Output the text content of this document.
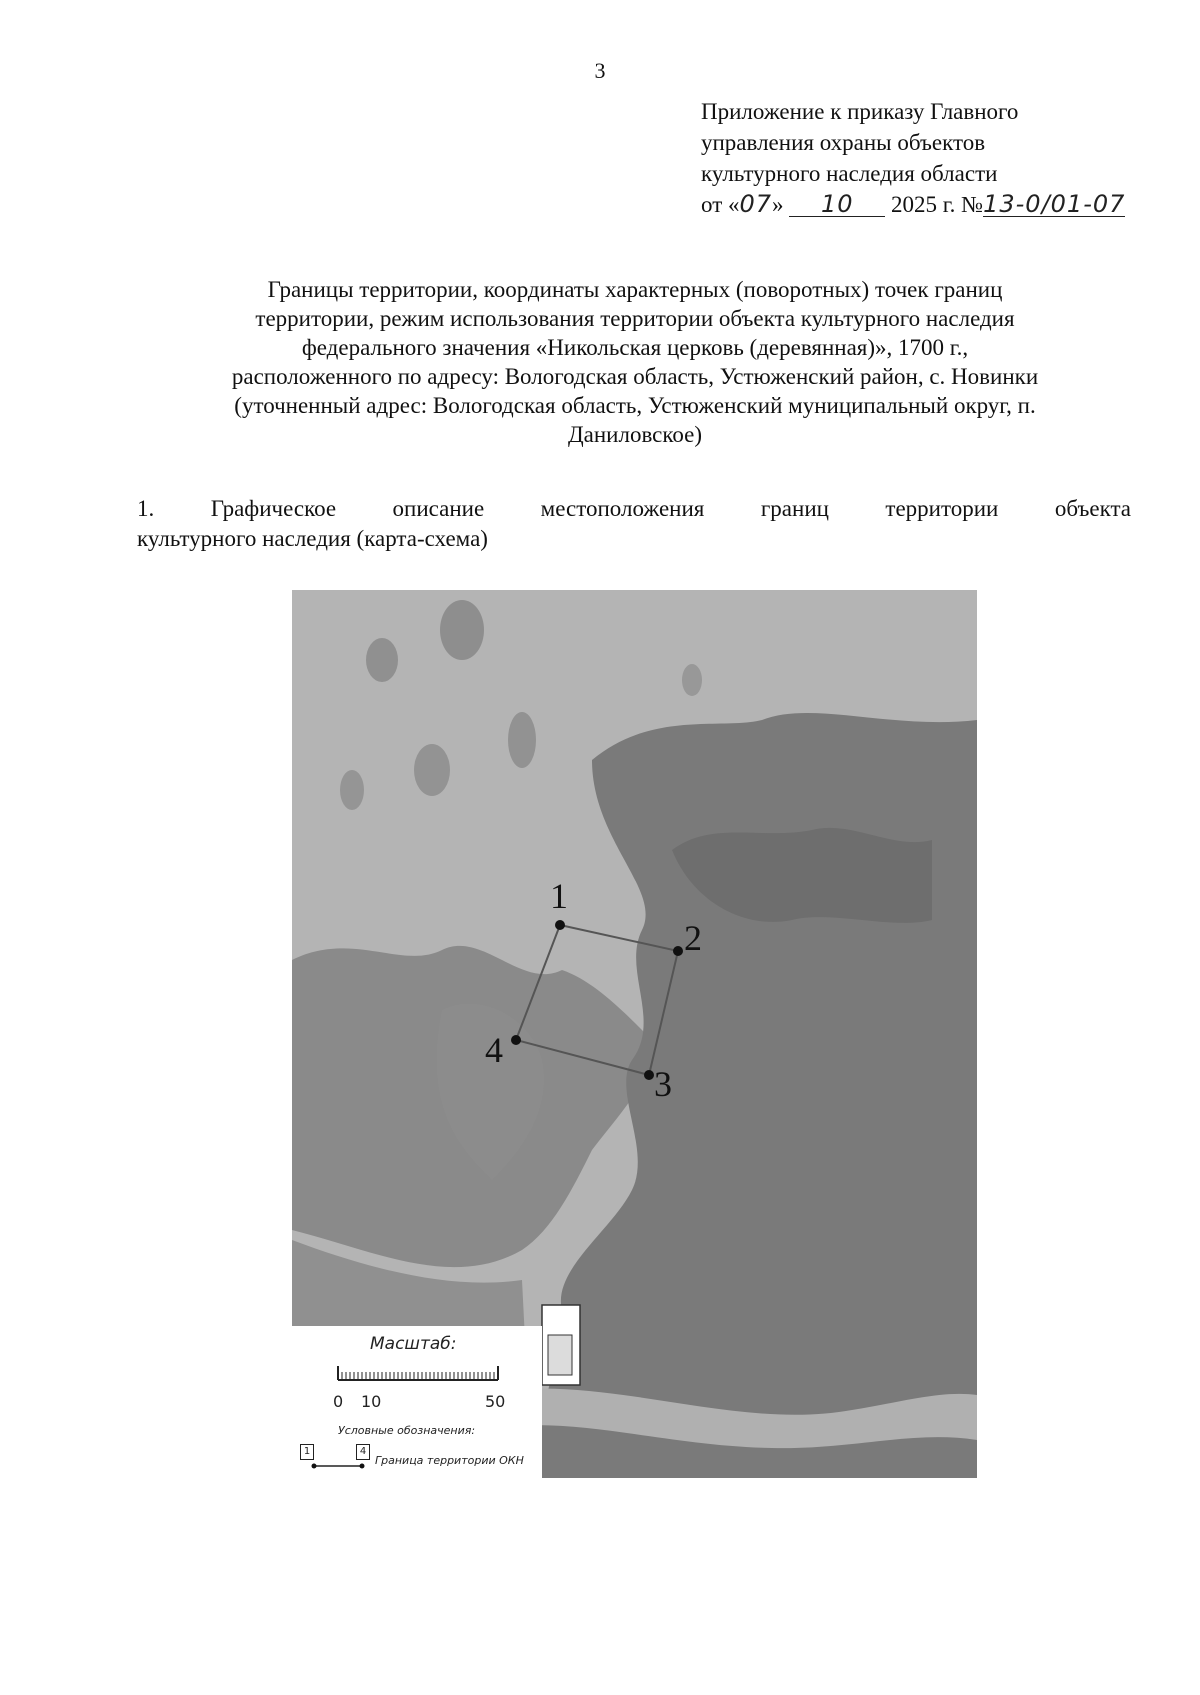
3
Приложение к приказу Главного
управления охраны объектов
культурного наследия области
от «07» 10 2025 г. №13-0/01-07
Границы территории, координаты характерных (поворотных) точек границ
территории, режим использования территории объекта культурного наследия
федерального значения «Никольская церковь (деревянная)», 1700 г.,
расположенного по адресу: Вологодская область, Устюженский район, с. Новинки
(уточненный адрес: Вологодская область, Устюженский муниципальный округ, п.
Даниловское)
1. Графическое описание местоположения границ территории объекта
культурного наследия (карта-схема)
1
2
3
4
Масштаб:
0 10	50
Условные обозначения:
1	4
Граница территории ОКН
